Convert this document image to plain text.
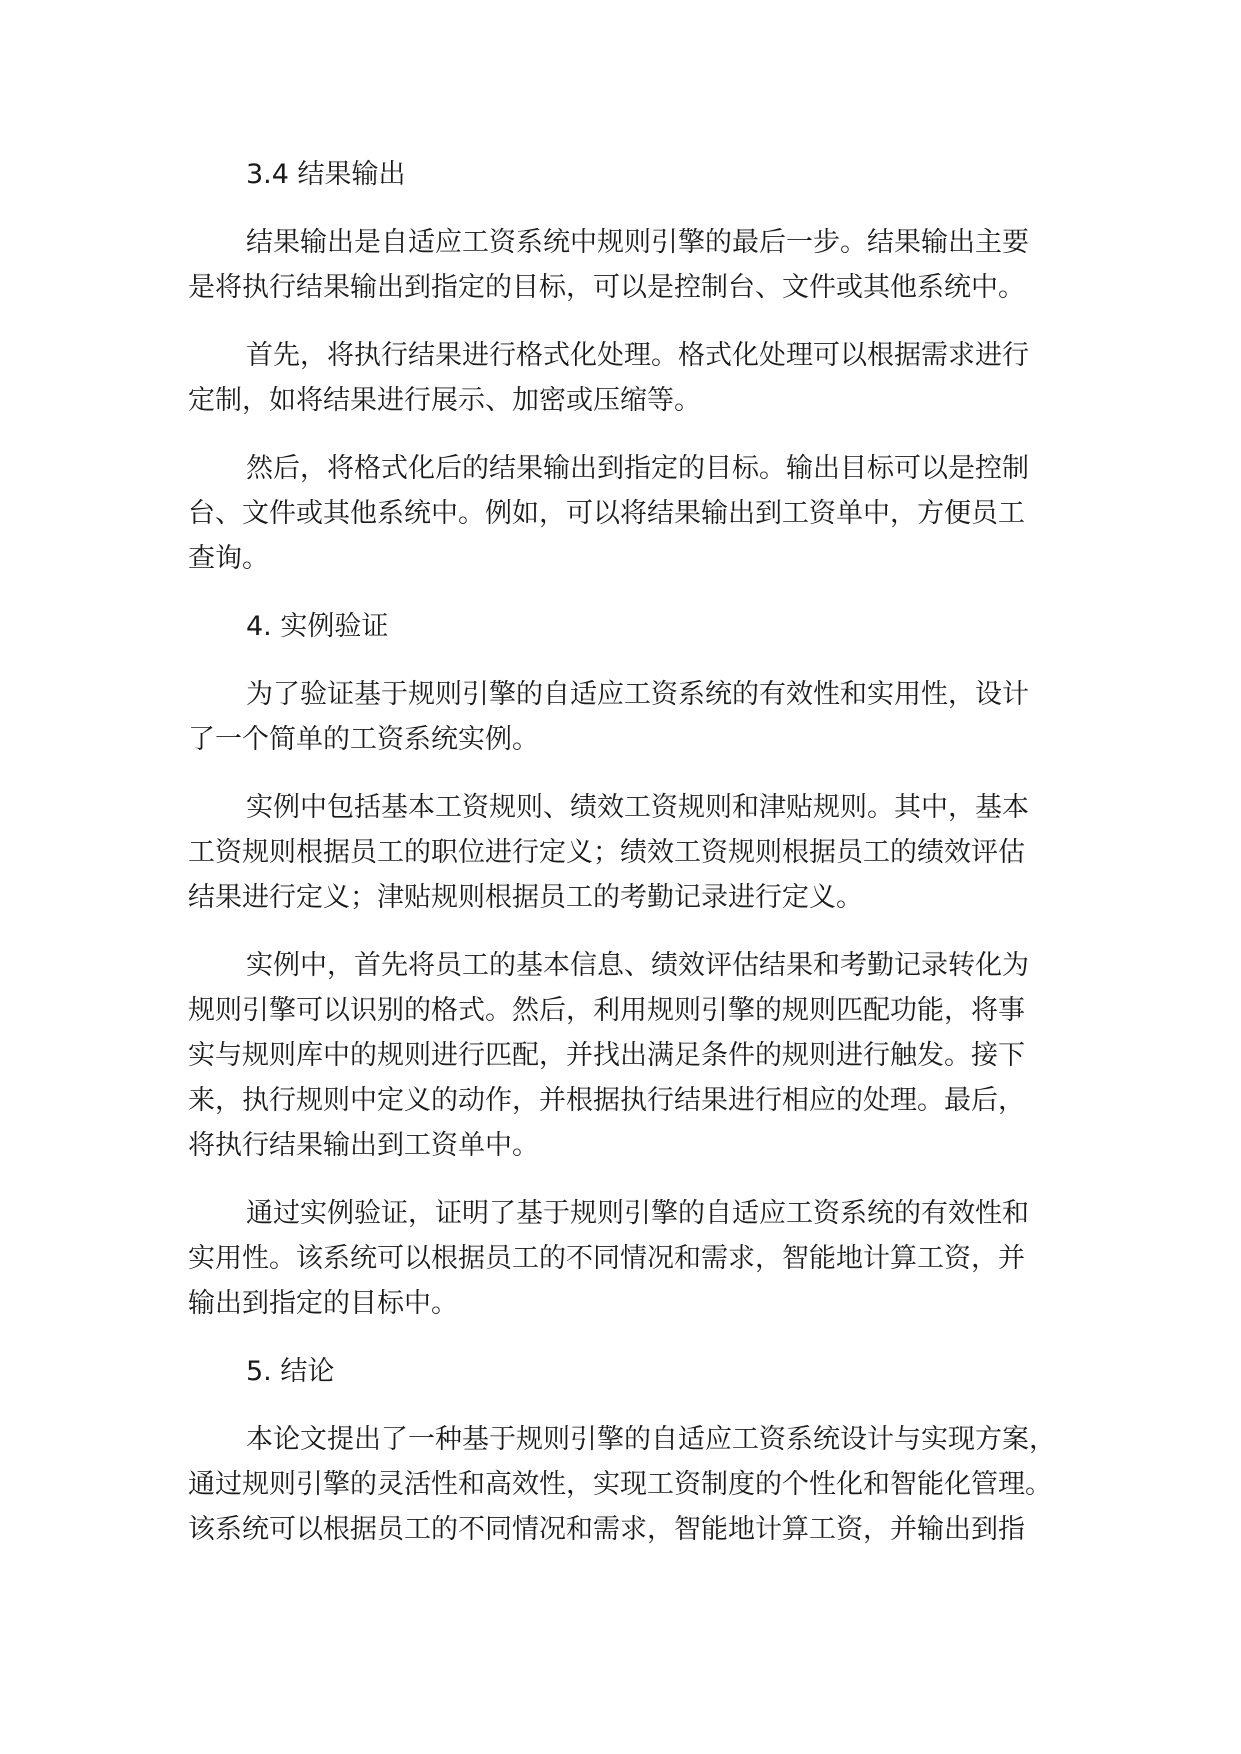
3.4 结果输出

结果输出是自适应工资系统中规则引擎的最后一步。结果输出主要
是将执行结果输出到指定的目标，可以是控制台、文件或其他系统中。

首先，将执行结果进行格式化处理。格式化处理可以根据需求进行
定制，如将结果进行展示、加密或压缩等。

然后，将格式化后的结果输出到指定的目标。输出目标可以是控制
台、文件或其他系统中。例如，可以将结果输出到工资单中，方便员工
查询。

4. 实例验证

为了验证基于规则引擎的自适应工资系统的有效性和实用性，设计
了一个简单的工资系统实例。

实例中包括基本工资规则、绩效工资规则和津贴规则。其中，基本
工资规则根据员工的职位进行定义；绩效工资规则根据员工的绩效评估
结果进行定义；津贴规则根据员工的考勤记录进行定义。

实例中，首先将员工的基本信息、绩效评估结果和考勤记录转化为
规则引擎可以识别的格式。然后，利用规则引擎的规则匹配功能，将事
实与规则库中的规则进行匹配，并找出满足条件的规则进行触发。接下
来，执行规则中定义的动作，并根据执行结果进行相应的处理。最后，
将执行结果输出到工资单中。

通过实例验证，证明了基于规则引擎的自适应工资系统的有效性和
实用性。该系统可以根据员工的不同情况和需求，智能地计算工资，并
输出到指定的目标中。

5. 结论

本论文提出了一种基于规则引擎的自适应工资系统设计与实现方案，
通过规则引擎的灵活性和高效性，实现工资制度的个性化和智能化管理。
该系统可以根据员工的不同情况和需求，智能地计算工资，并输出到指
